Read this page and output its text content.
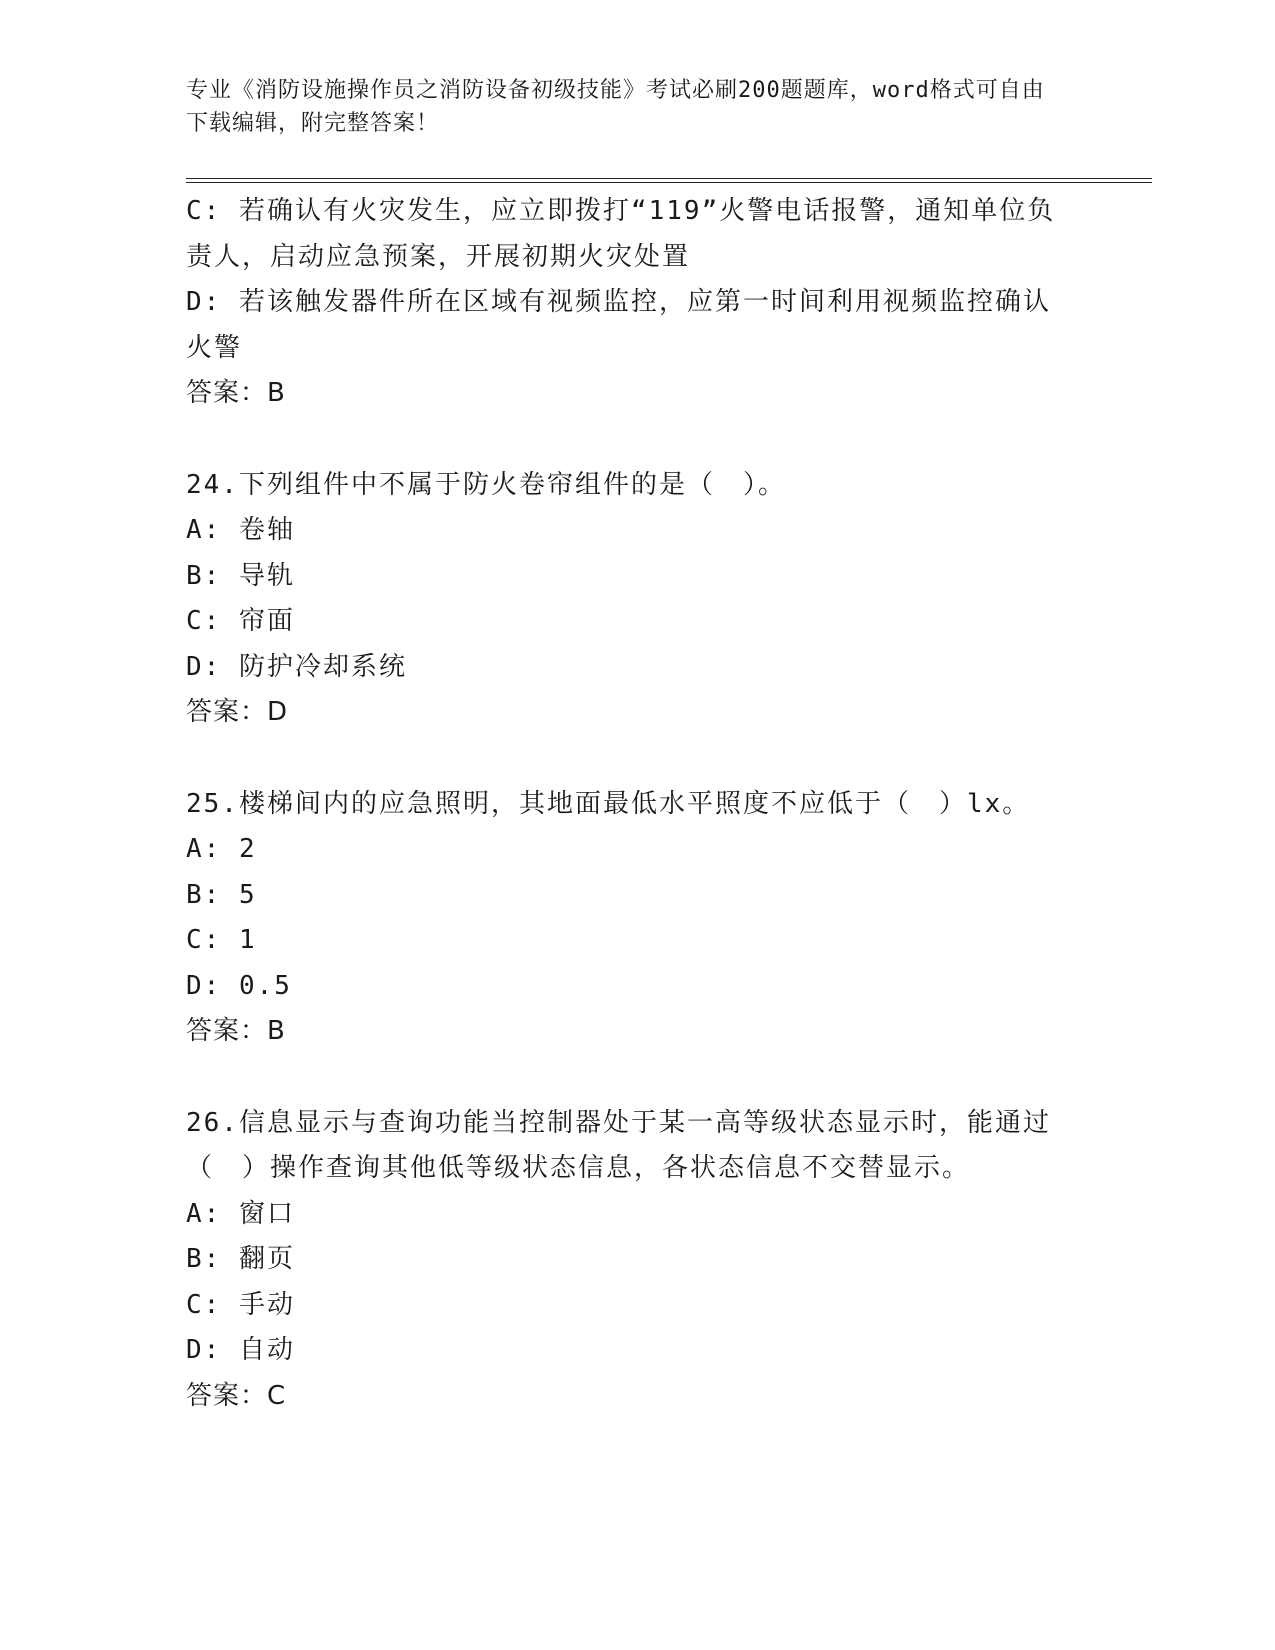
专业《消防设施操作员之消防设备初级技能》考试必刷200题题库，word格式可自由下载编辑，附完整答案！
C: 若确认有火灾发生，应立即拨打“119”火警电话报警，通知单位负责人，启动应急预案，开展初期火灾处置
D: 若该触发器件所在区域有视频监控，应第一时间利用视频监控确认火警
答案：B
24.下列组件中不属于防火卷帘组件的是（　）。
A: 卷轴
B: 导轨
C: 帘面
D: 防护冷却系统
答案：D
25.楼梯间内的应急照明，其地面最低水平照度不应低于（　）lx。
A: 2
B: 5
C: 1
D: 0.5
答案：B
26.信息显示与查询功能当控制器处于某一高等级状态显示时，能通过（　）操作查询其他低等级状态信息，各状态信息不交替显示。
A: 窗口
B: 翻页
C: 手动
D: 自动
答案：C
